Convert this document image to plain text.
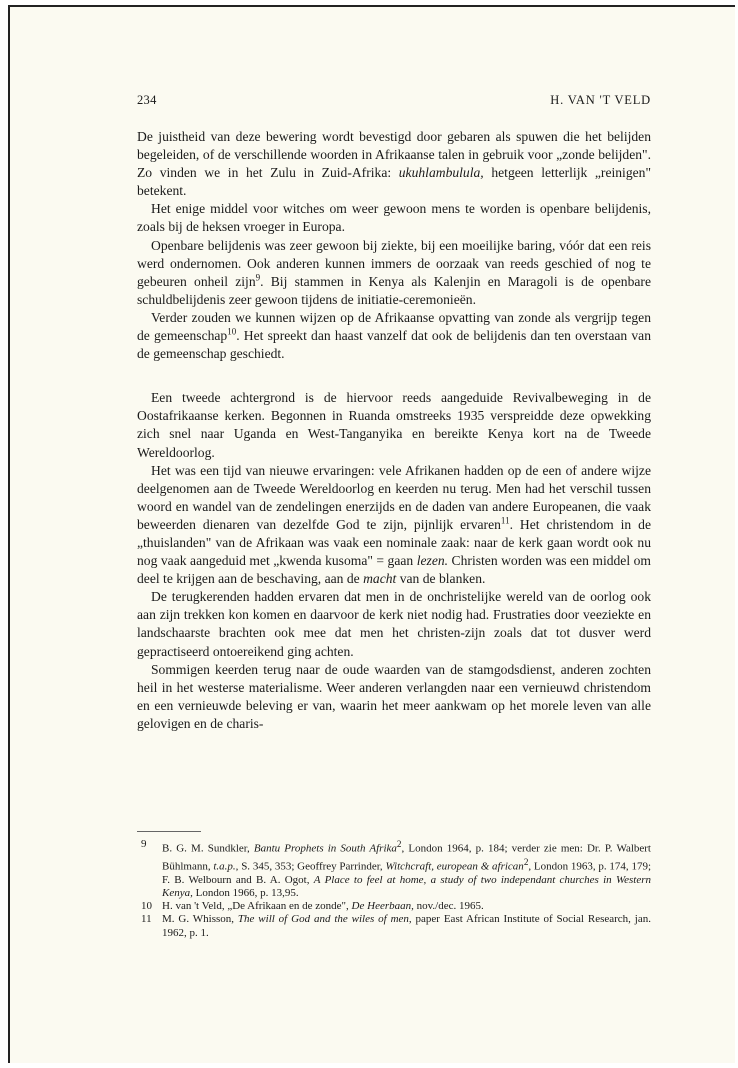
234	H. VAN 'T VELD

De juistheid van deze bewering wordt bevestigd door gebaren als spuwen die het belijden begeleiden, of de verschillende woorden in Afrikaanse talen in gebruik voor „zonde belijden". Zo vinden we in het Zulu in Zuid-Afrika: ukuhlambulula, hetgeen letterlijk „reinigen" betekent.

Het enige middel voor witches om weer gewoon mens te worden is openbare belijdenis, zoals bij de heksen vroeger in Europa.

Openbare belijdenis was zeer gewoon bij ziekte, bij een moeilijke baring, vóór dat een reis werd ondernomen. Ook anderen kunnen immers de oorzaak van reeds geschied of nog te gebeuren onheil zijn$^9$. Bij stammen in Kenya als Kalenjin en Maragoli is de openbare schuldbelijdenis zeer gewoon tijdens de initiatie-ceremonieën.

Verder zouden we kunnen wijzen op de Afrikaanse opvatting van zonde als vergrijp tegen de gemeenschap$^{10}$. Het spreekt dan haast vanzelf dat ook de belijdenis dan ten overstaan van de gemeenschap geschiedt.

Een tweede achtergrond is de hiervoor reeds aangeduide Revivalbeweging in de Oostafrikaanse kerken. Begonnen in Ruanda omstreeks 1935 verspreidde deze opwekking zich snel naar Uganda en West-Tanganyika en bereikte Kenya kort na de Tweede Wereldoorlog.

Het was een tijd van nieuwe ervaringen: vele Afrikanen hadden op de een of andere wijze deelgenomen aan de Tweede Wereldoorlog en keerden nu terug. Men had het verschil tussen woord en wandel van de zendelingen enerzijds en de daden van andere Europeanen, die vaak beweerden dienaren van dezelfde God te zijn, pijnlijk ervaren$^{11}$. Het christendom in de „thuislanden" van de Afrikaan was vaak een nominale zaak: naar de kerk gaan wordt ook nu nog vaak aangeduid met „kwenda kusoma" = gaan lezen. Christen worden was een middel om deel te krijgen aan de beschaving, aan de macht van de blanken.

De terugkerenden hadden ervaren dat men in de onchristelijke wereld van de oorlog ook aan zijn trekken kon komen en daarvoor de kerk niet nodig had. Frustraties door veeziekte en landschaarste brachten ook mee dat men het christen-zijn zoals dat tot dusver werd gepractiseerd ontoereikend ging achten.

Sommigen keerden terug naar de oude waarden van de stamgodsdienst, anderen zochten heil in het westerse materialisme. Weer anderen verlangden naar een vernieuwd christendom en een vernieuwde beleving er van, waarin het meer aankwam op het morele leven van alle gelovigen en de charis-

9 B. G. M. Sundkler, Bantu Prophets in South Afrika$^2$, London 1964, p. 184; verder zie men: Dr. P. Walbert Bühlmann, t.a.p., S. 345, 353; Geoffrey Parrinder, Witchcraft, european & african$^2$, London 1963, p. 174, 179; F. B. Welbourn and B. A. Ogot, A Place to feel at home, a study of two independant churches in Western Kenya, London 1966, p. 13,95.
10 H. van 't Veld, „De Afrikaan en de zonde", De Heerbaan, nov./dec. 1965.
11 M. G. Whisson, The will of God and the wiles of men, paper East African Institute of Social Research, jan. 1962, p. 1.
